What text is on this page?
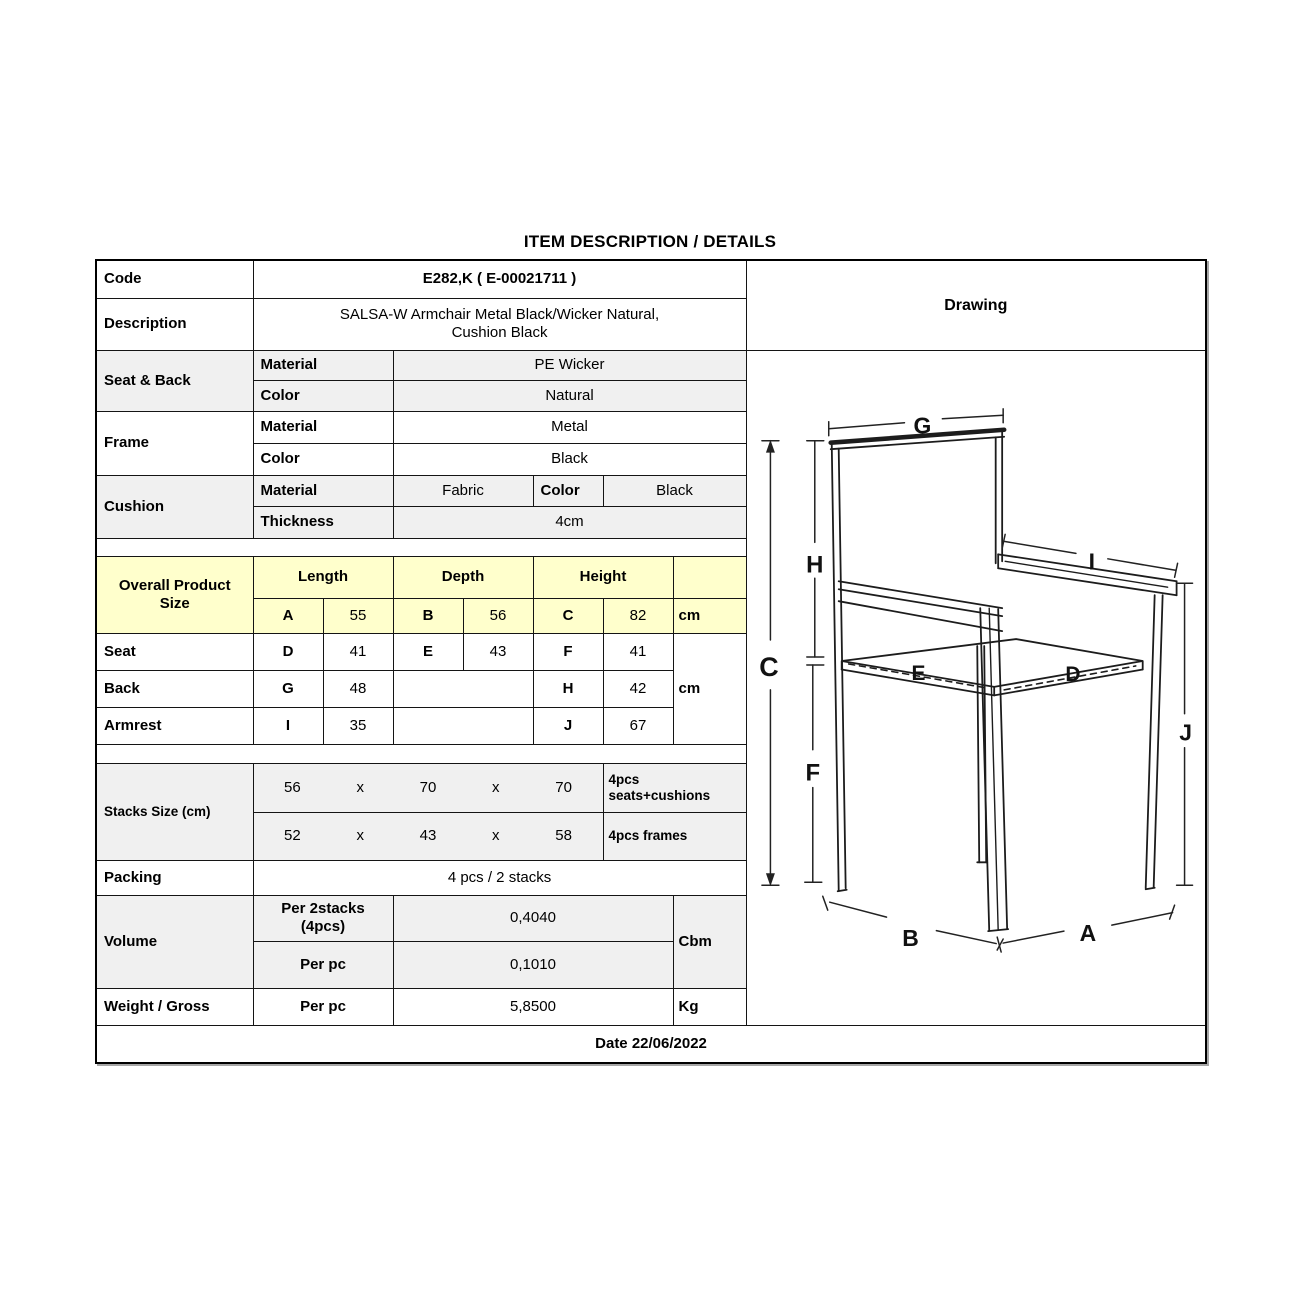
ITEM DESCRIPTION / DETAILS
Code	E282,K ( E-00021711 )							Drawing
Description	SALSA-W Armchair Metal Black/Wicker Natural,
Cushion Black							

Seat & Back	Material	PE Wicker	
G
H
C
F
E	D
I
J
B	A

	Color		Natural					
Frame	Material		Metal					
	Color		Black					
Cushion	Material		Fabric		Color	Black		
	Thickness		4cm					

Overall Product Size	Length		Depth		Height			
	A	55	B	56	C	82	cm	
Seat	D	41	E	43	F	41	cm	
Back	G	48			H	42		
Armrest	I	35			J	67		

Stacks Size (cm)	
56	x	70	x	70	4pcs
seats+cushions

	52 x 43 x 58					4pcs frames		
Packing	4 pcs / 2 stacks							
Volume	Per 2stacks
(4pcs)		0,4040				Cbm	
	Per pc		0,1010					
Weight / Gross	Per pc		5,8500				Kg	
Date 22/06/2022								
